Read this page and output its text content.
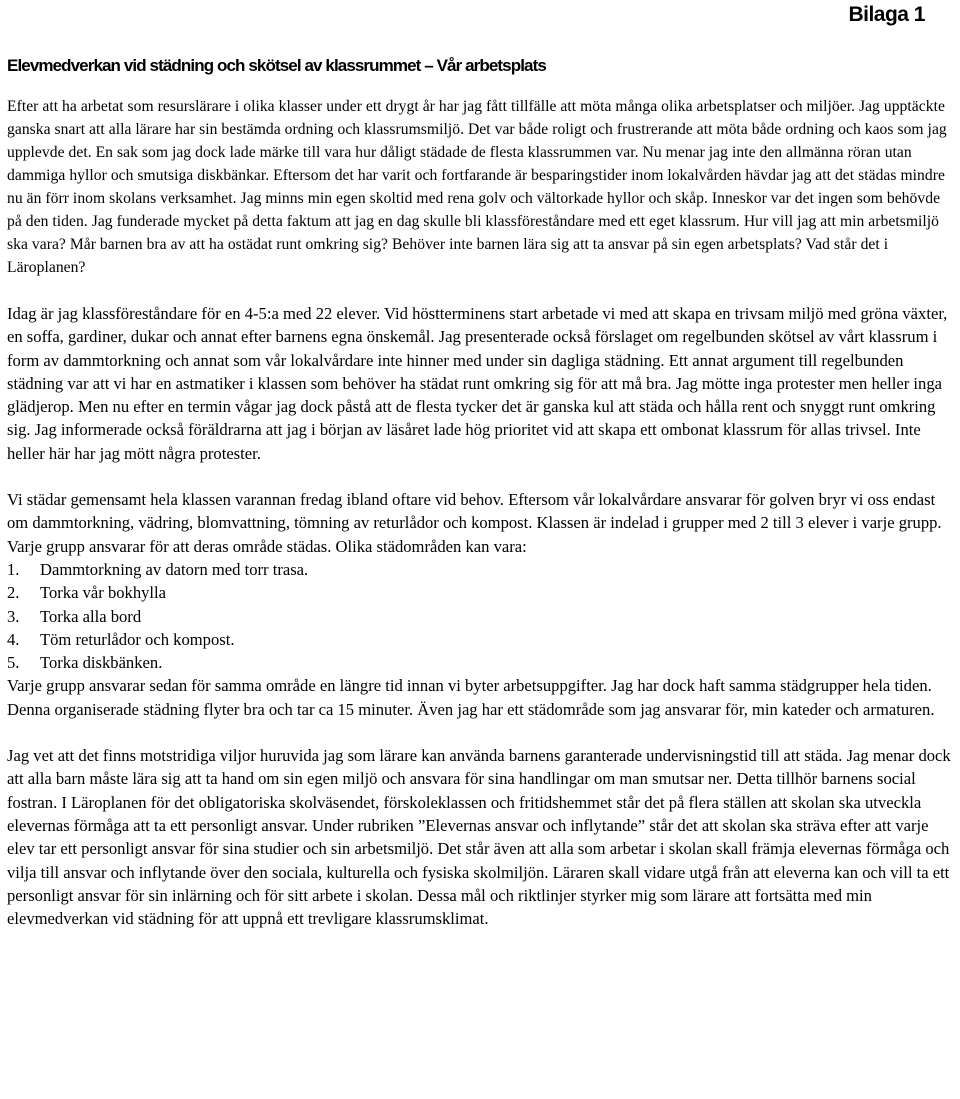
Bilaga 1
Elevmedverkan vid städning och skötsel av klassrummet – Vår arbetsplats

Efter att ha arbetat som resurslärare i olika klasser under ett drygt år har jag fått tillfälle att möta många olika arbetsplatser och miljöer. Jag upptäckte ganska snart att alla lärare har sin bestämda ordning och klassrumsmiljö. Det var både roligt och frustrerande att möta både ordning och kaos som jag upplevde det. En sak som jag dock lade märke till vara hur dåligt städade de flesta klassrummen var. Nu menar jag inte den allmänna röran utan dammiga hyllor och smutsiga diskbänkar. Eftersom det har varit och fortfarande är besparingstider inom lokalvården hävdar jag att det städas mindre nu än förr inom skolans verksamhet. Jag minns min egen skoltid med rena golv och vältorkade hyllor och skåp. Inneskor var det ingen som behövde på den tiden. Jag funderade mycket på detta faktum att jag en dag skulle bli klassföreståndare med ett eget klassrum. Hur vill jag att min arbetsmiljö ska vara? Mår barnen bra av att ha ostädat runt omkring sig? Behöver inte barnen lära sig att ta ansvar på sin egen arbetsplats? Vad står det i Läroplanen?

Idag är jag klassföreståndare för en 4-5:a med 22 elever. Vid höstterminens start arbetade vi med att skapa en trivsam miljö med gröna växter, en soffa, gardiner, dukar och annat efter barnens egna önskemål. Jag presenterade också förslaget om regelbunden skötsel av vårt klassrum i form av dammtorkning och annat som vår lokalvårdare inte hinner med under sin dagliga städning. Ett annat argument till regelbunden städning var att vi har en astmatiker i klassen som behöver ha städat runt omkring sig för att må bra. Jag mötte inga protester men heller inga glädjerop. Men nu efter en termin vågar jag dock påstå att de flesta tycker det är ganska kul att städa och hålla rent och snyggt runt omkring sig. Jag informerade också föräldrarna att jag i början av läsåret lade hög prioritet vid att skapa ett ombonat klassrum för allas trivsel. Inte heller här har jag mött några protester.

Vi städar gemensamt hela klassen varannan fredag ibland oftare vid behov. Eftersom vår lokalvårdare ansvarar för golven bryr vi oss endast om dammtorkning, vädring, blomvattning, tömning av returlådor och kompost. Klassen är indelad i grupper med 2 till 3 elever i varje grupp. Varje grupp ansvarar för att deras område städas. Olika städområden kan vara:

1.	Dammtorkning av datorn med torr trasa.
2.	Torka vår bokhylla
3.	Torka alla bord
4.	Töm returlådor och kompost.
5.	Torka diskbänken.

Varje grupp ansvarar sedan för samma område en längre tid innan vi byter arbetsuppgifter. Jag har dock haft samma städgrupper hela tiden. Denna organiserade städning flyter bra och tar ca 15 minuter. Även jag har ett städområde som jag ansvarar för, min kateder och armaturen.

Jag vet att det finns motstridiga viljor huruvida jag som lärare kan använda barnens garanterade undervisningstid till att städa. Jag menar dock att alla barn måste lära sig att ta hand om sin egen miljö och ansvara för sina handlingar om man smutsar ner. Detta tillhör barnens social fostran. I Läroplanen för det obligatoriska skolväsendet, förskoleklassen och fritidshemmet står det på flera ställen att skolan ska utveckla elevernas förmåga att ta ett personligt ansvar. Under rubriken ”Elevernas ansvar och inflytande” står det att skolan ska sträva efter att varje elev tar ett personligt ansvar för sina studier och sin arbetsmiljö. Det står även att alla som arbetar i skolan skall främja elevernas förmåga och vilja till ansvar och inflytande över den sociala, kulturella och fysiska skolmiljön. Läraren skall vidare utgå från att eleverna kan och vill ta ett personligt ansvar för sin inlärning och för sitt arbete i skolan. Dessa mål och riktlinjer styrker mig som lärare att fortsätta med min elevmedverkan vid städning för att uppnå ett trevligare klassrumsklimat.
